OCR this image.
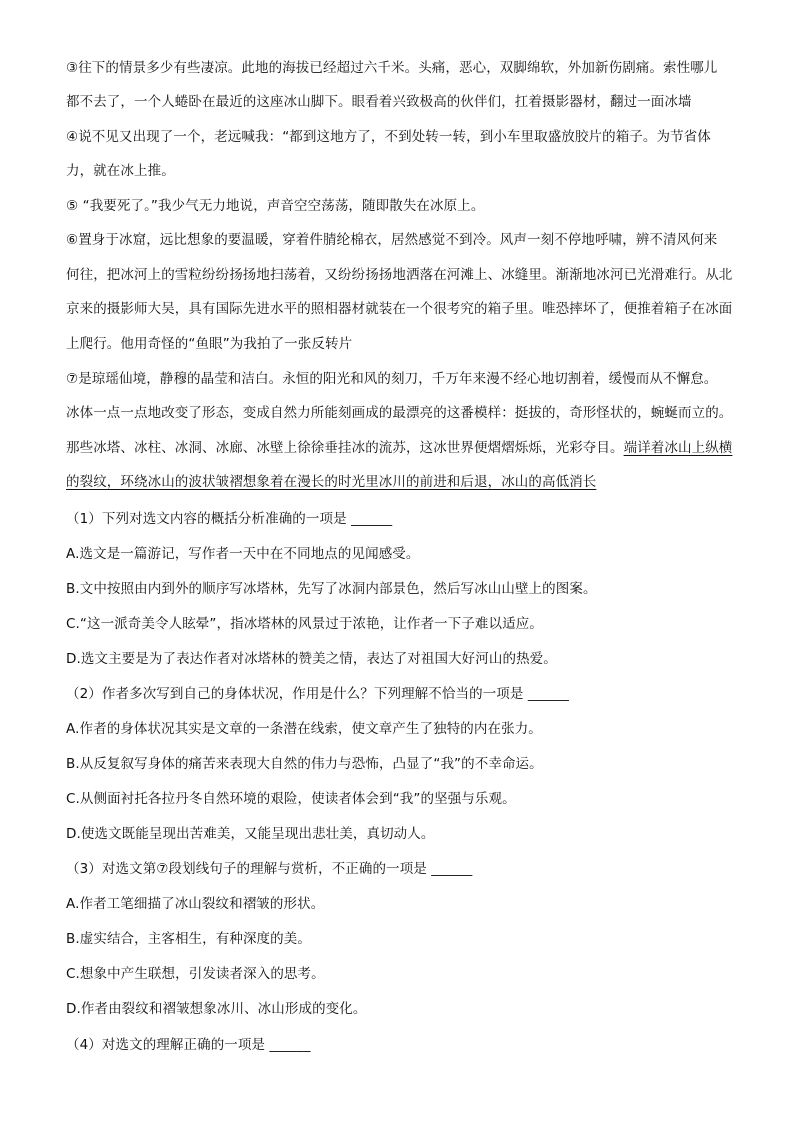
③往下的情景多少有些凄凉。此地的海拔已经超过六千米。头痛，恶心，双脚绵软，外加新伤剧痛。索性哪儿
都不去了，一个人蜷卧在最近的这座冰山脚下。眼看着兴致极高的伙伴们，扛着摄影器材，翻过一面冰墙
④说不见又出现了一个，老远喊我：“都到这地方了，不到处转一转，到小车里取盛放胶片的箱子。为节省体
力，就在冰上推。
⑤ “我要死了。”我少气无力地说，声音空空荡荡，随即散失在冰原上。
⑥置身于冰窟，远比想象的要温暖，穿着件腈纶棉衣，居然感觉不到冷。风声一刻不停地呼啸，辨不清风何来
何往，把冰河上的雪粒纷纷扬扬地扫荡着，又纷纷扬扬地洒落在河滩上、冰缝里。渐渐地冰河已光滑难行。从北
京来的摄影师大吴，具有国际先进水平的照相器材就装在一个很考究的箱子里。唯恐摔坏了，便推着箱子在冰面
上爬行。他用奇怪的“鱼眼”为我拍了一张反转片
⑦是琼瑶仙境，静穆的晶莹和洁白。永恒的阳光和风的刻刀，千万年来漫不经心地切割着，缓慢而从不懈怠。
冰体一点一点地改变了形态，变成自然力所能刻画成的最漂亮的这番模样：挺拔的，奇形怪状的，蜿蜒而立的。
那些冰塔、冰柱、冰洞、冰廊、冰壁上徐徐垂挂冰的流苏，这冰世界便熠熠烁烁，光彩夺目。端详着冰山上纵横
的裂纹，环绕冰山的波状皱褶想象着在漫长的时光里冰川的前进和后退，冰山的高低消长
（1）下列对选文内容的概括分析准确的一项是 ______
A.选文是一篇游记，写作者一天中在不同地点的见闻感受。
B.文中按照由内到外的顺序写冰塔林，先写了冰洞内部景色，然后写冰山山壁上的图案。
C.“这一派奇美令人眩晕”，指冰塔林的风景过于浓艳，让作者一下子难以适应。
D.选文主要是为了表达作者对冰塔林的赞美之情，表达了对祖国大好河山的热爱。
（2）作者多次写到自己的身体状况，作用是什么？下列理解不恰当的一项是 ______
A.作者的身体状况其实是文章的一条潜在线索，使文章产生了独特的内在张力。
B.从反复叙写身体的痛苦来表现大自然的伟力与恐怖，凸显了“我”的不幸命运。
C.从侧面衬托各拉丹冬自然环境的艰险，使读者体会到“我”的坚强与乐观。
D.使选文既能呈现出苦难美，又能呈现出悲壮美，真切动人。
（3）对选文第⑦段划线句子的理解与赏析，不正确的一项是 ______
A.作者工笔细描了冰山裂纹和褶皱的形状。
B.虚实结合，主客相生，有种深度的美。
C.想象中产生联想，引发读者深入的思考。
D.作者由裂纹和褶皱想象冰川、冰山形成的变化。
（4）对选文的理解正确的一项是 ______
